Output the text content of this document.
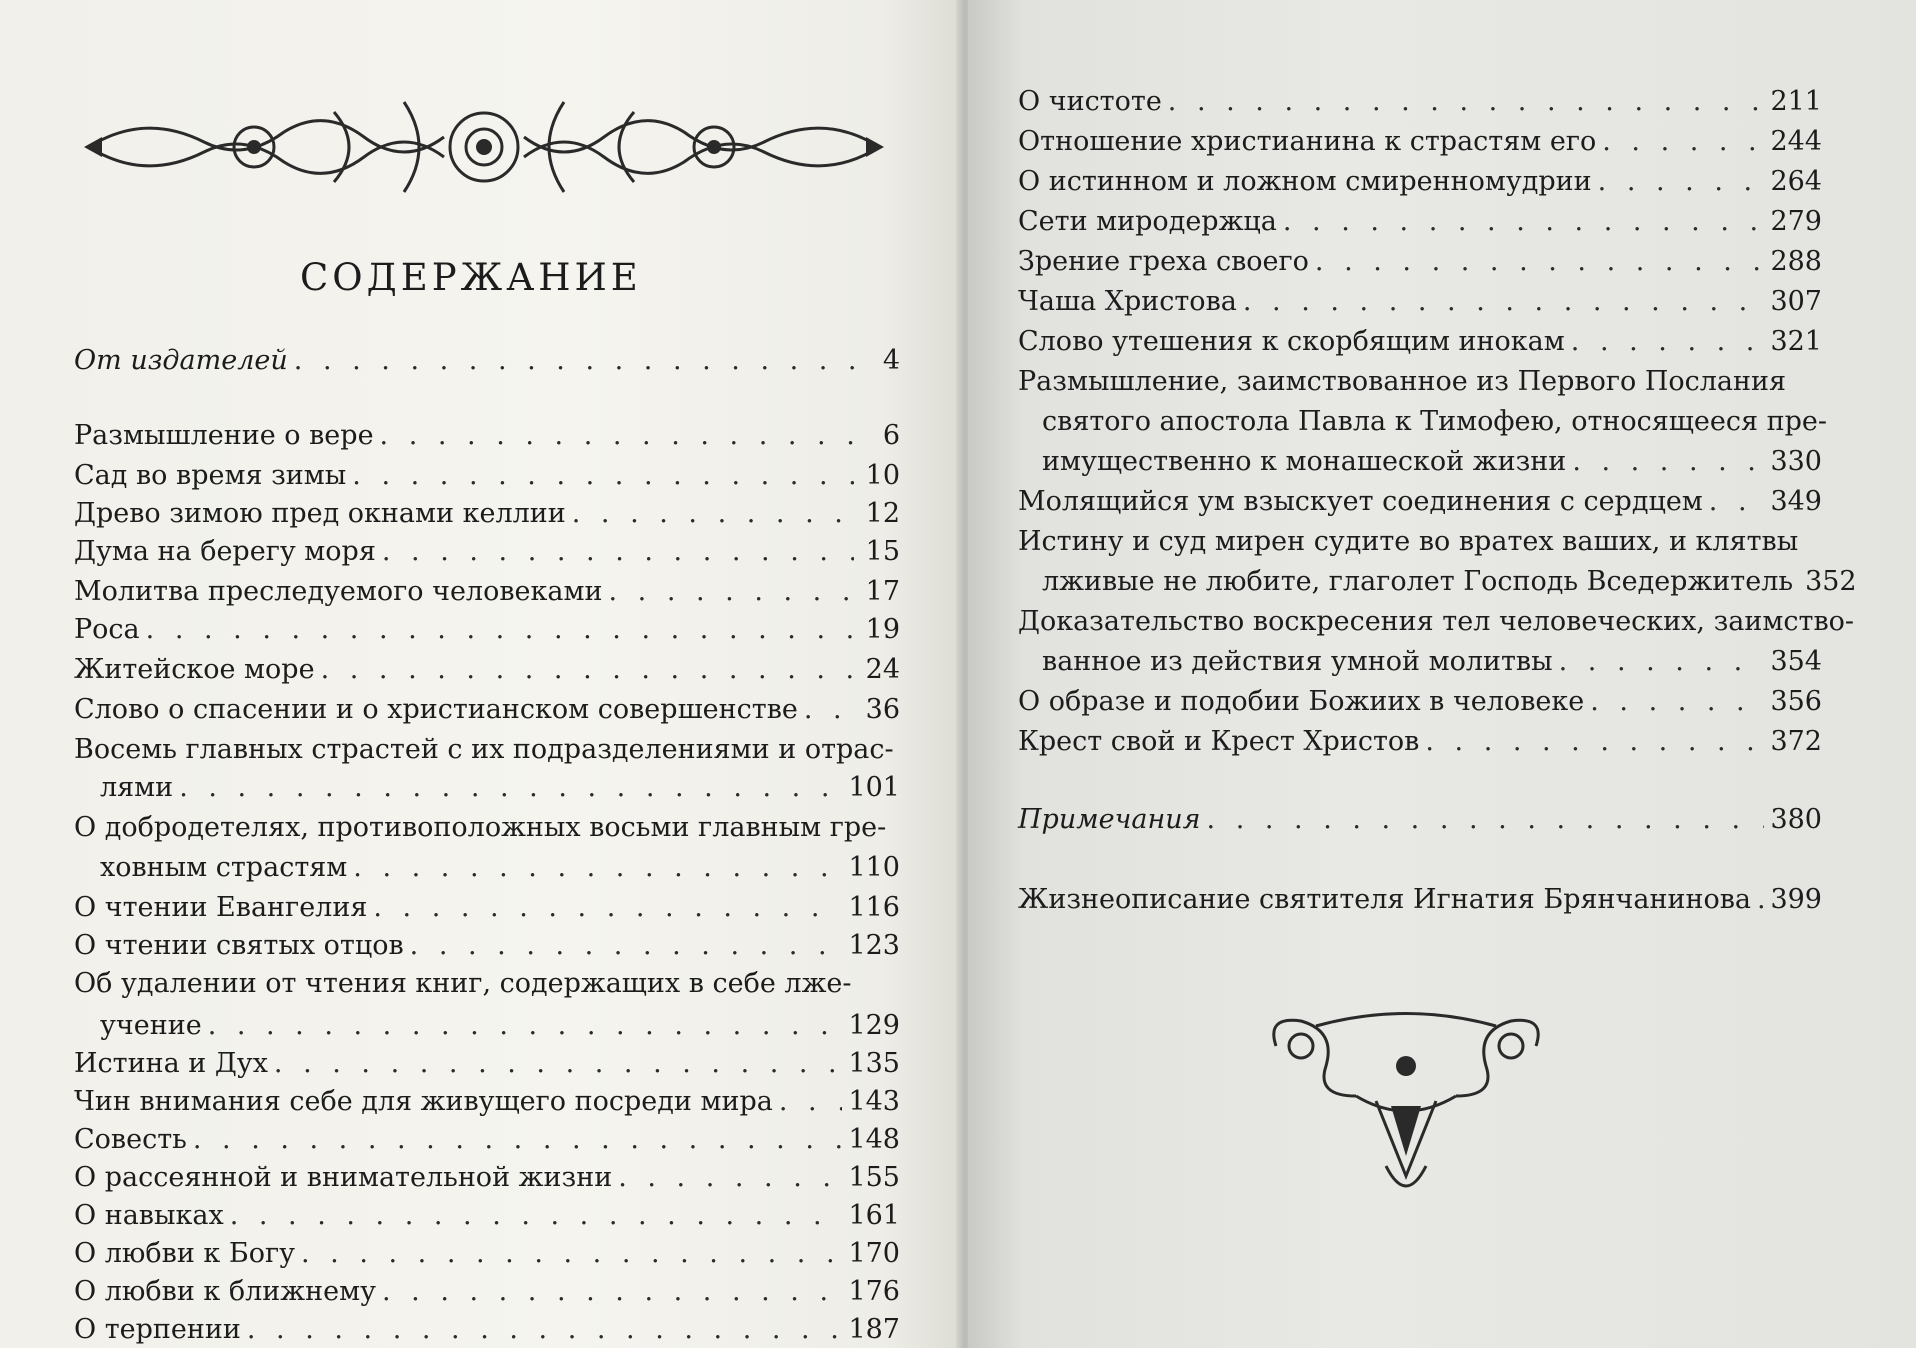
СОДЕРЖАНИЕ
От издателей . . .	4
Размышление о вере . . .	6
Сад во время зимы . . .	10
Древо зимою пред окнами келлии . . .	12
Дума на берегу моря . . .	15
Молитва преследуемого человеками . . .	17
Роса . . .	19
Житейское море . . .	24
Слово о спасении и о христианском совершенстве . . .	36
Восемь главных страстей с их подразделениями и отрас-
лями . . .	101
О добродетелях, противоположных восьми главным гре-
ховным страстям . . .	110
О чтении Евангелия . . .	116
О чтении святых отцов . . .	123
Об удалении от чтения книг, содержащих в себе лже-
учение . . .	129
Истина и Дух . . .	135
Чин внимания себе для живущего посреди мира . . .	143
Совесть . . .	148
О рассеянной и внимательной жизни . . .	155
О навыках . . .	161
О любви к Богу . . .	170
О любви к ближнему . . .	176
О терпении . . .	187
О чистоте . . .	211
Отношение христианина к страстям его . . .	244
О истинном и ложном смиренномудрии . . .	264
Сети миродержца . . .	279
Зрение греха своего . . .	288
Чаша Христова . . .	307
Слово утешения к скорбящим инокам . . .	321
Размышление, заимствованное из Первого Послания
святого апостола Павла к Тимофею, относящееся пре-
имущественно к монашеской жизни . . .	330
Молящийся ум взыскует соединения с сердцем . . .	349
Истину и суд миpен судите во вратех ваших, и клятвы
лживые не любите, глаголет Господь Вседержитель 352
Доказательство воскресения тел человеческих, заимство-
ванное из действия умной молитвы . . .	354
О образе и подобии Божиих в человеке . . .	356
Крест свой и Крест Христов . . .	372
Примечания . . .	380
Жизнеописание святителя Игнатия Брянчанинова . . . 399
